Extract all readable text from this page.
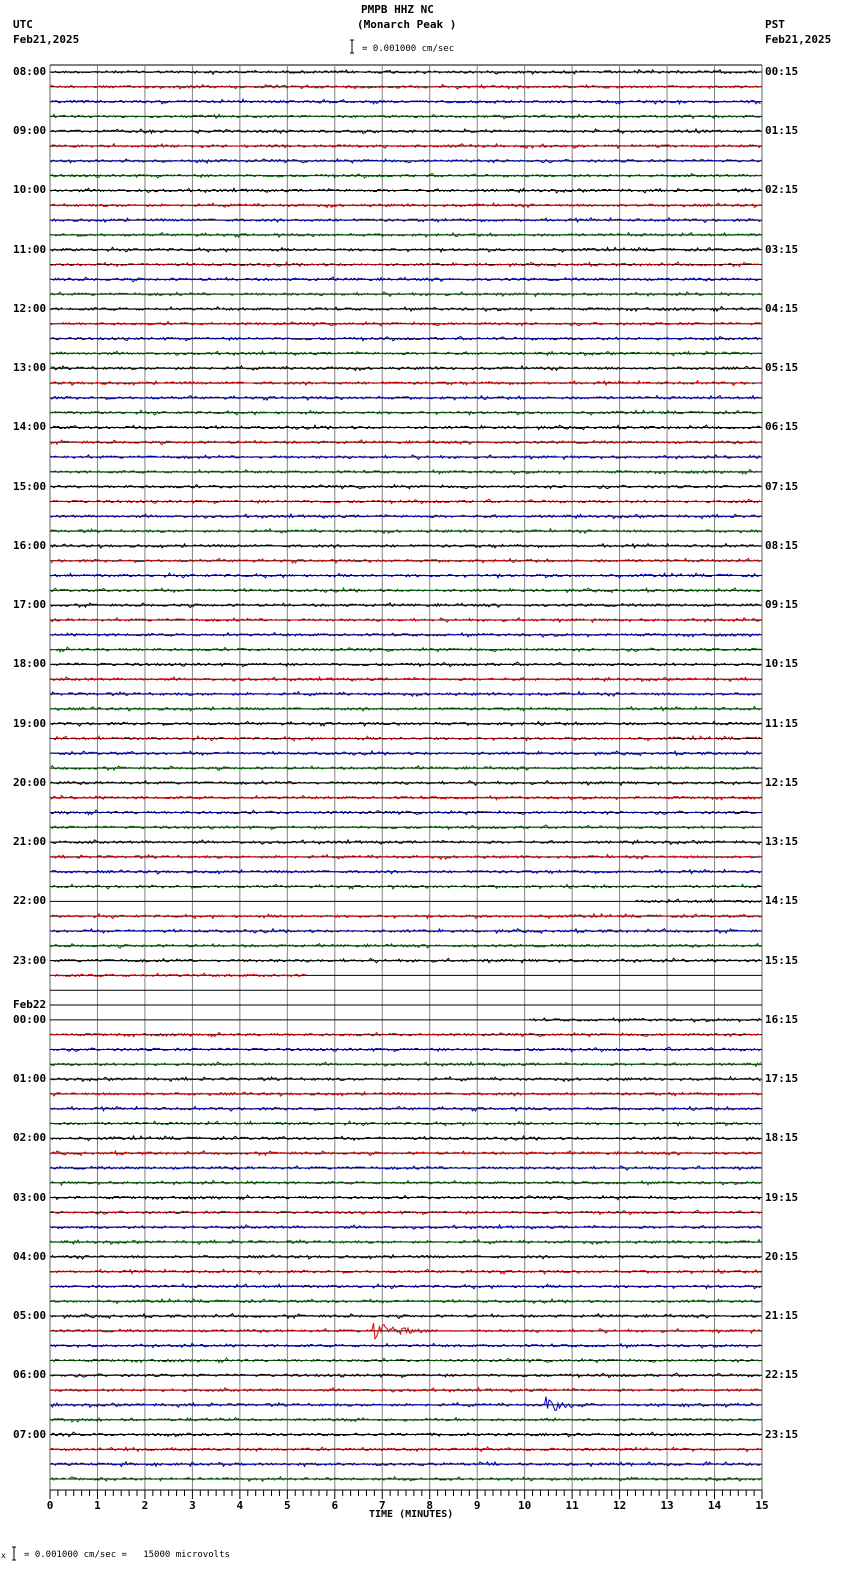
0	1	2	3	4	5	6	7	8	9	10	11	12	13	14	15
PMPB HHZ NC
(Monarch Peak )
UTC
Feb21,2025
PST
Feb21,2025
= 0.001000 cm/sec
TIME (MINUTES)
x = 0.001000 cm/sec =   15000 microvolts
08:00
09:00
10:00
11:00
12:00
13:00
14:00
15:00
16:00
17:00
18:00
19:00
20:00
21:00
22:00
23:00
00:00
Feb22
01:00
02:00
03:00
04:00
05:00
06:00
07:00
00:15
01:15
02:15
03:15
04:15
05:15
06:15
07:15
08:15
09:15
10:15
11:15
12:15
13:15
14:15
15:15
16:15
17:15
18:15
19:15
20:15
21:15
22:15
23:15
